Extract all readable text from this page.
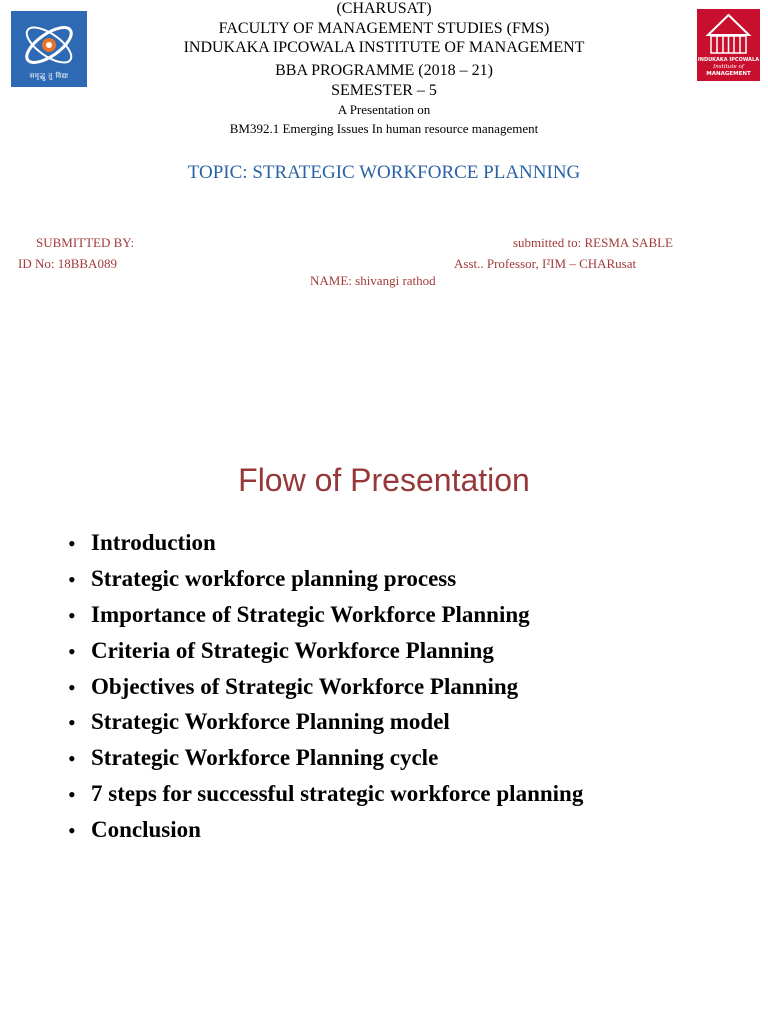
समृद्धु तु विद्या
INDUKAKA IPCOWALA
Institute of
MANAGEMENT
(CHARUSAT)
FACULTY OF MANAGEMENT STUDIES (FMS)
INDUKAKA IPCOWALA INSTITUTE OF MANAGEMENT
BBA PROGRAMME (2018 – 21)
SEMESTER – 5
A Presentation on
BM392.1 Emerging Issues In human resource management
TOPIC: STRATEGIC WORKFORCE PLANNING
SUBMITTED BY:
ID No: 18BBA089
submitted to: RESMA SABLE
Asst.. Professor, I²IM – CHARusat
NAME: shivangi rathod
Flow of Presentation
• Introduction
• Strategic workforce planning process
• Importance of Strategic Workforce Planning
• Criteria of Strategic Workforce Planning
• Objectives of Strategic Workforce Planning
• Strategic Workforce Planning model
• Strategic Workforce Planning cycle
• 7 steps for successful strategic workforce planning
• Conclusion
